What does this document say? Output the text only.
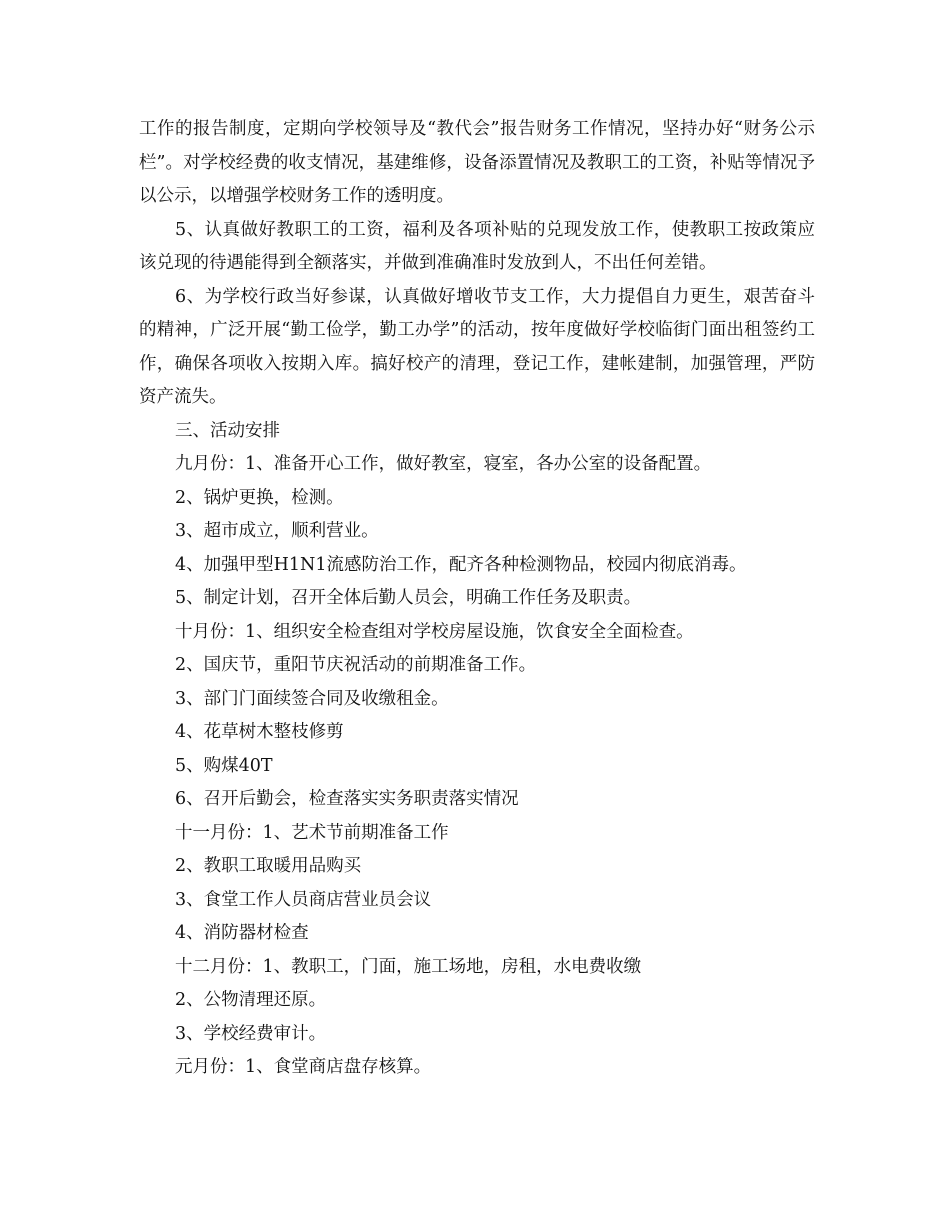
工作的报告制度，定期向学校领导及“教代会”报告财务工作情况，坚持办好“财务公示栏”。对学校经费的收支情况，基建维修，设备添置情况及教职工的工资，补贴等情况予以公示，以增强学校财务工作的透明度。

5、认真做好教职工的工资，福利及各项补贴的兑现发放工作，使教职工按政策应该兑现的待遇能得到全额落实，并做到准确准时发放到人，不出任何差错。

6、为学校行政当好参谋，认真做好增收节支工作，大力提倡自力更生，艰苦奋斗的精神，广泛开展“勤工俭学，勤工办学”的活动，按年度做好学校临街门面出租签约工作，确保各项收入按期入库。搞好校产的清理，登记工作，建帐建制，加强管理，严防资产流失。

三、活动安排

九月份：1、准备开心工作，做好教室，寝室，各办公室的设备配置。

2、锅炉更换，检测。

3、超市成立，顺利营业。

4、加强甲型H1N1流感防治工作，配齐各种检测物品，校园内彻底消毒。

5、制定计划，召开全体后勤人员会，明确工作任务及职责。

十月份：1、组织安全检查组对学校房屋设施，饮食安全全面检查。

2、国庆节，重阳节庆祝活动的前期准备工作。

3、部门门面续签合同及收缴租金。

4、花草树木整枝修剪

5、购煤40T

6、召开后勤会，检查落实实务职责落实情况

十一月份：1、艺术节前期准备工作

2、教职工取暖用品购买

3、食堂工作人员商店营业员会议

4、消防器材检查

十二月份：1、教职工，门面，施工场地，房租，水电费收缴

2、公物清理还原。

3、学校经费审计。

元月份：1、食堂商店盘存核算。
